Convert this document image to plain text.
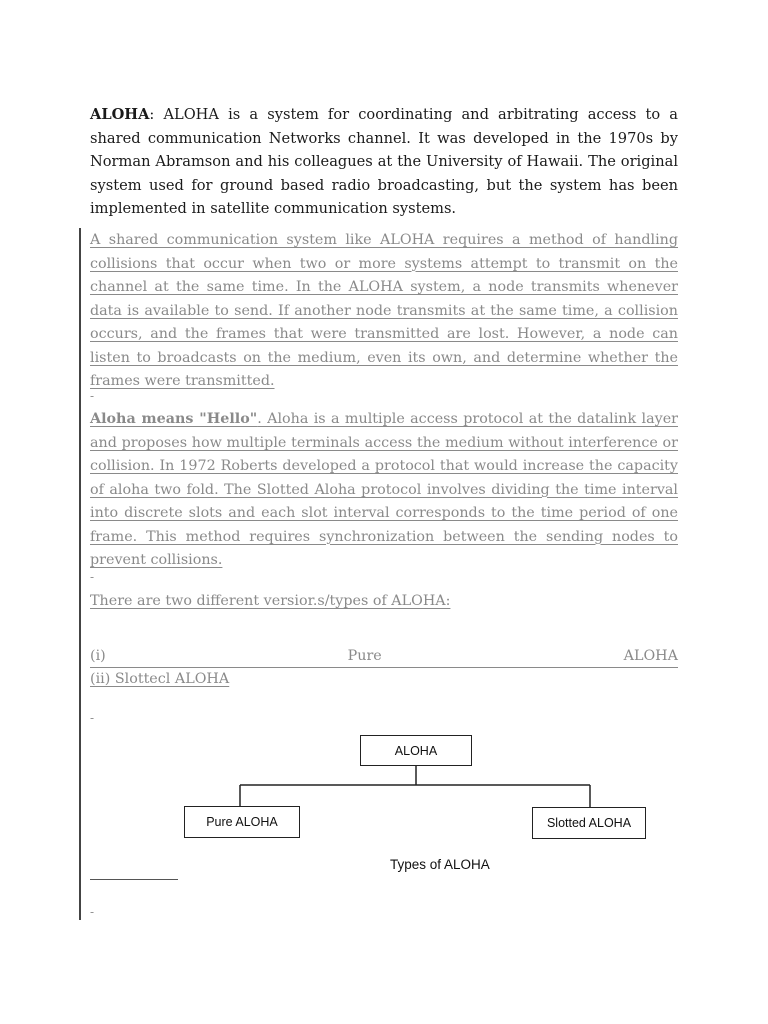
ALOHA: ALOHA is a system for coordinating and arbitrating access to a shared communication Networks channel. It was developed in the 1970s by Norman Abramson and his colleagues at the University of Hawaii. The original system used for ground based radio broadcasting, but the system has been implemented in satellite communication systems.
A shared communication system like ALOHA requires a method of handling collisions that occur when two or more systems attempt to transmit on the channel at the same time. In the ALOHA system, a node transmits whenever data is available to send. If another node transmits at the same time, a collision occurs, and the frames that were transmitted are lost. However, a node can listen to broadcasts on the medium, even its own, and determine whether the frames were transmitted.
-
Aloha means "Hello". Aloha is a multiple access protocol at the datalink layer and proposes how multiple terminals access the medium without interference or collision. In 1972 Roberts developed a protocol that would increase the capacity of aloha two fold. The Slotted Aloha protocol involves dividing the time interval into discrete slots and each slot interval corresponds to the time period of one frame. This method requires synchronization between the sending nodes to prevent collisions.
-
There are two different versior.s/types of ALOHA:
(i)	Pure	ALOHA
(ii) Slottecl ALOHA
-
ALOHA
Pure ALOHA	Slotted ALOHA
Types of ALOHA
-
